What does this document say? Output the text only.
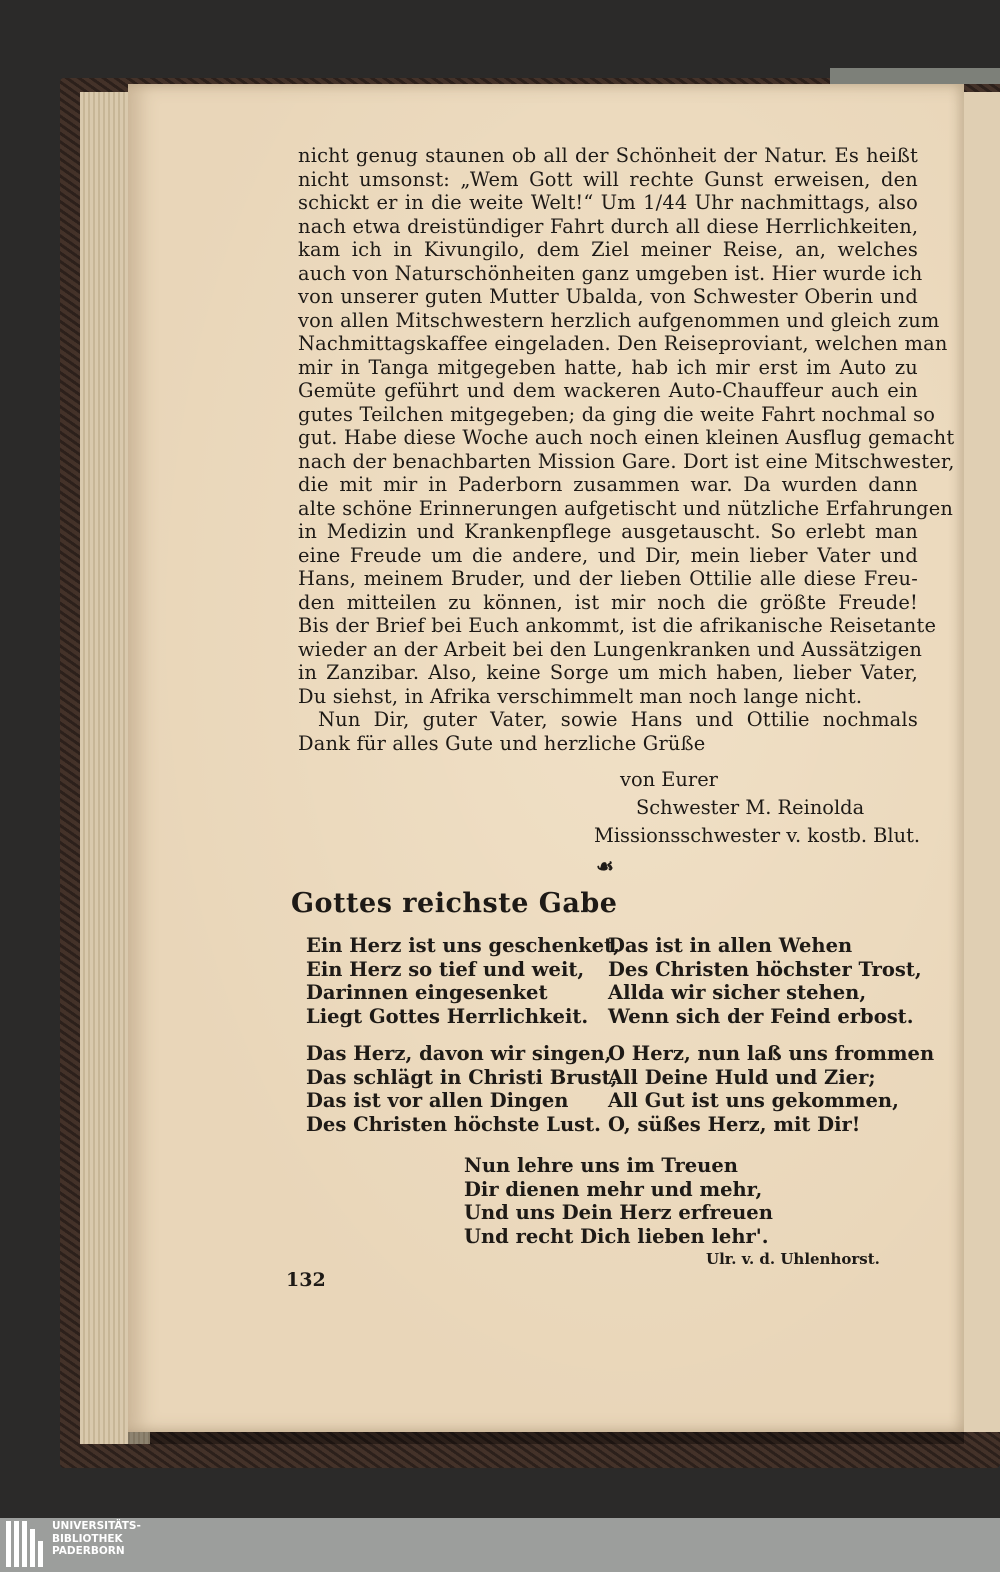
nicht genug staunen ob all der Schönheit der Natur. Es heißt
nicht umsonst: „Wem Gott will rechte Gunst erweisen, den
schickt er in die weite Welt!“ Um 1/44 Uhr nachmittags, also
nach etwa dreistündiger Fahrt durch all diese Herrlichkeiten,
kam ich in Kivungilo, dem Ziel meiner Reise, an, welches
auch von Naturschönheiten ganz umgeben ist. Hier wurde ich
von unserer guten Mutter Ubalda, von Schwester Oberin und
von allen Mitschwestern herzlich aufgenommen und gleich zum
Nachmittagskaffee eingeladen. Den Reiseproviant, welchen man
mir in Tanga mitgegeben hatte, hab ich mir erst im Auto zu
Gemüte geführt und dem wackeren Auto-Chauffeur auch ein
gutes Teilchen mitgegeben; da ging die weite Fahrt nochmal so
gut. Habe diese Woche auch noch einen kleinen Ausflug gemacht
nach der benachbarten Mission Gare. Dort ist eine Mitschwester,
die mit mir in Paderborn zusammen war. Da wurden dann
alte schöne Erinnerungen aufgetischt und nützliche Erfahrungen
in Medizin und Krankenpflege ausgetauscht. So erlebt man
eine Freude um die andere, und Dir, mein lieber Vater und
Hans, meinem Bruder, und der lieben Ottilie alle diese Freu-
den mitteilen zu können, ist mir noch die größte Freude!
Bis der Brief bei Euch ankommt, ist die afrikanische Reisetante
wieder an der Arbeit bei den Lungenkranken und Aussätzigen
in Zanzibar. Also, keine Sorge um mich haben, lieber Vater,
Du siehst, in Afrika verschimmelt man noch lange nicht.
Nun Dir, guter Vater, sowie Hans und Ottilie nochmals
Dank für alles Gute und herzliche Grüße
von Eurer
Schwester M. Reinolda
Missionsschwester v. kostb. Blut.
☙
Gottes reichste Gabe
Ein Herz ist uns geschenket,
Ein Herz so tief und weit,
Darinnen eingesenket
Liegt Gottes Herrlichkeit.
Das ist in allen Wehen
Des Christen höchster Trost,
Allda wir sicher stehen,
Wenn sich der Feind erbost.
Das Herz, davon wir singen,
Das schlägt in Christi Brust,
Das ist vor allen Dingen
Des Christen höchste Lust.
O Herz, nun laß uns frommen
All Deine Huld und Zier;
All Gut ist uns gekommen,
O, süßes Herz, mit Dir!
Nun lehre uns im Treuen
Dir dienen mehr und mehr,
Und uns Dein Herz erfreuen
Und recht Dich lieben lehr'.
Ulr. v. d. Uhlenhorst.
132
UNIVERSITÄTS-
BIBLIOTHEK
PADERBORN
